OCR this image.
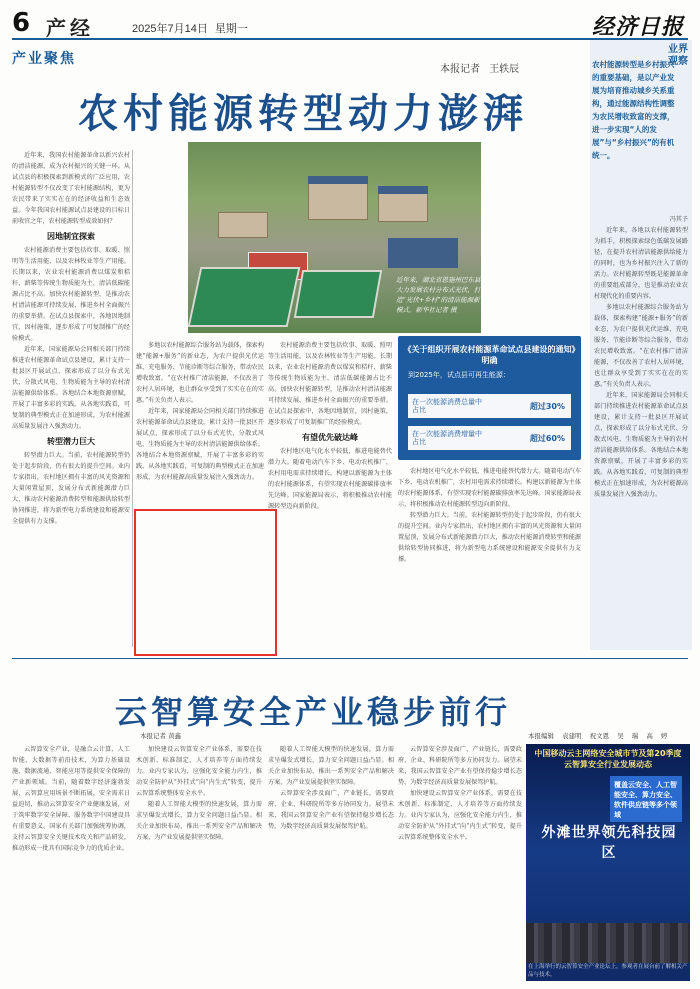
6 产经	2025年7月14日 星期一	经济日报
产业聚焦
本报记者 王轶辰
农村能源转型动力澎湃

近年来，我国农村能源革命以新兴农村的清洁能源，成为农村振兴的关键一环。从试点县的积极探索到新模式的广泛应用，农村能源转型不仅改变了农村能源结构，更为农民带来了实实在在的经济收益和生态效益。今年我国农村能源试点县建设的目标日前收官之年，农村能源转型成效如何？

因地制宜探索

农村能源消费主要包括炊事、取暖、照明等生活用能，以及农林牧业等生产用能。长期以来，农业农村能源消费以煤炭和秸秆、薪柴等传统生物质能为主，清洁低碳能源占比不高。加快农村能源转型，是推动农村清洁能源可持续发展、推进乡村全面振兴的重要举措。在试点县探索中，各地因地制宜，因村施策，逐步形成了可复制推广的经验模式。

近年来，国家能源局会同相关部门持续推进农村能源革命试点县建设，累计支持一批县区开展试点，探索形成了以分布式光伏、分散式风电、生物质能为主导的农村清洁能源供给体系。各地结合本地资源禀赋，开展了丰富多彩的实践。从各地实践看，可复制的典型模式正在加速形成，为农村能源高质量发展注入强劲动力。

转型潜力巨大

转型潜力巨大。当前，农村能源转型仍处于起步阶段，仍有很大的提升空间。业内专家指出，农村地区拥有丰富的风光资源和大量闲置屋顶，发展分布式新能源潜力巨大，推动农村能源消费转型和能源供给转型协同推进，将为新型电力系统建设和能源安全提供有力支撑。

近年来，湖北省恩施州巴东县大力发展农村分布式光伏，打造“光伏+乡村”的清洁能源新模式。新华社记者 摄

多地以农村能源综合服务站为载体，探索构建“能源+服务”的新业态，为农户提供光伏运维、充电服务、节能诊断等综合服务，带动农民增收致富。“在农村推广清洁能源，不仅改善了农村人居环境，也让群众享受到了实实在在的实惠。”有关负责人表示。

近年来，国家能源局会同相关部门持续推进农村能源革命试点县建设，累计支持一批县区开展试点，探索形成了以分布式光伏、分散式风电、生物质能为主导的农村清洁能源供给体系。各地结合本地资源禀赋，开展了丰富多彩的实践。从各地实践看，可复制的典型模式正在加速形成，为农村能源高质量发展注入强劲动力。

农村能源消费主要包括炊事、取暖、照明等生活用能，以及农林牧业等生产用能。长期以来，农业农村能源消费以煤炭和秸秆、薪柴等传统生物质能为主，清洁低碳能源占比不高。加快农村能源转型，是推动农村清洁能源可持续发展、推进乡村全面振兴的重要举措。在试点县探索中，各地因地制宜，因村施策，逐步形成了可复制推广的经验模式。

有望优先破达峰

农村地区电气化水平较低，推进电能替代潜力大。随着电动汽车下乡、电动农机推广，农村用电需求持续增长。构建以新能源为主体的农村能源体系，有望实现农村能源碳排放率先达峰。国家能源局表示，将积极推动农村能源转型迈向新阶段。

《关于组织开展农村能源革命试点县建设的通知》明确
到2025年，试点县可再生能源：
在一次能源消费总量中占比	超过30%
在一次能源消费增量中占比	超过60%

农村地区电气化水平较低，推进电能替代潜力大。随着电动汽车下乡、电动农机推广，农村用电需求持续增长。构建以新能源为主体的农村能源体系，有望实现农村能源碳排放率先达峰。国家能源局表示，将积极推动农村能源转型迈向新阶段。

转型潜力巨大。当前，农村能源转型仍处于起步阶段，仍有很大的提升空间。业内专家指出，农村地区拥有丰富的风光资源和大量闲置屋顶，发展分布式新能源潜力巨大，推动农村能源消费转型和能源供给转型协同推进，将为新型电力系统建设和能源安全提供有力支撑。

业界观察
农村能源转型是乡村振兴的重要基础，是以产业发展为培育推动城乡关系重构，通过能源结构性调整为农民增收致富的支撑，进一步实现“人的发展”与“乡村振兴”的有机统一。

冯其予

近年来，各地以农村能源转型为抓手，积极探索绿色低碳发展路径，在提升农村清洁能源供给能力的同时，也为乡村振兴注入了新的活力。农村能源转型既是能源革命的重要组成部分，也是推动农业农村现代化的重要内容。

多地以农村能源综合服务站为载体，探索构建“能源+服务”的新业态，为农户提供光伏运维、充电服务、节能诊断等综合服务，带动农民增收致富。“在农村推广清洁能源，不仅改善了农村人居环境，也让群众享受到了实实在在的实惠。”有关负责人表示。

近年来，国家能源局会同相关部门持续推进农村能源革命试点县建设，累计支持一批县区开展试点，探索形成了以分布式光伏、分散式风电、生物质能为主导的农村清洁能源供给体系。各地结合本地资源禀赋，开展了丰富多彩的实践。从各地实践看，可复制的典型模式正在加速形成，为农村能源高质量发展注入强劲动力。

云智算安全产业稳步前行
本报记者 黄鑫

云智算安全产业，是融合云计算、人工智能、大数据等前沿技术，为算力基础设施、数据流通、智能应用等提供安全保障的产业新领域。当前，随着数字经济蓬勃发展，云智算应用场景不断拓展，安全需求日益迫切，推动云智算安全产业健康发展，对于筑牢数字安全屏障、服务数字中国建设具有重要意义。国家有关部门加强统筹协调，支持云智算安全关键技术攻关和产品研发，推动形成一批具有国际竞争力的优质企业。

加快建设云智算安全产业体系，需要在技术创新、标准制定、人才培养等方面持续发力。业内专家认为，应强化安全能力内生，推动安全防护从“外挂式”向“内生式”转变，提升云智算系统整体安全水平。

随着人工智能大模型的快速发展，算力需求呈爆发式增长，算力安全问题日益凸显。相关企业加快布局，推出一系列安全产品和解决方案，为产业发展提供坚实保障。

随着人工智能大模型的快速发展，算力需求呈爆发式增长，算力安全问题日益凸显。相关企业加快布局，推出一系列安全产品和解决方案，为产业发展提供坚实保障。

云智算安全涉及面广、产业链长，需要政府、企业、科研院所等多方协同发力。展望未来，我国云智算安全产业有望保持稳步增长态势，为数字经济高质量发展保驾护航。

云智算安全涉及面广、产业链长，需要政府、企业、科研院所等多方协同发力。展望未来，我国云智算安全产业有望保持稳步增长态势，为数字经济高质量发展保驾护航。

加快建设云智算安全产业体系，需要在技术创新、标准制定、人才培养等方面持续发力。业内专家认为，应强化安全能力内生，推动安全防护从“外挂式”向“内生式”转变，提升云智算系统整体安全水平。

本报编辑 袁建明 祝文恩 吴 瑞 高 婷
中国移动云主网络安全城市节及第20季度云智算安全行业发展动态
覆盖云安全、人工智能安全、算力安全、软件供应链等多个领域
外滩世界领先科技园区
在上海举行的云智算安全产业论坛上，参观者在展台前了解相关产品与技术。
